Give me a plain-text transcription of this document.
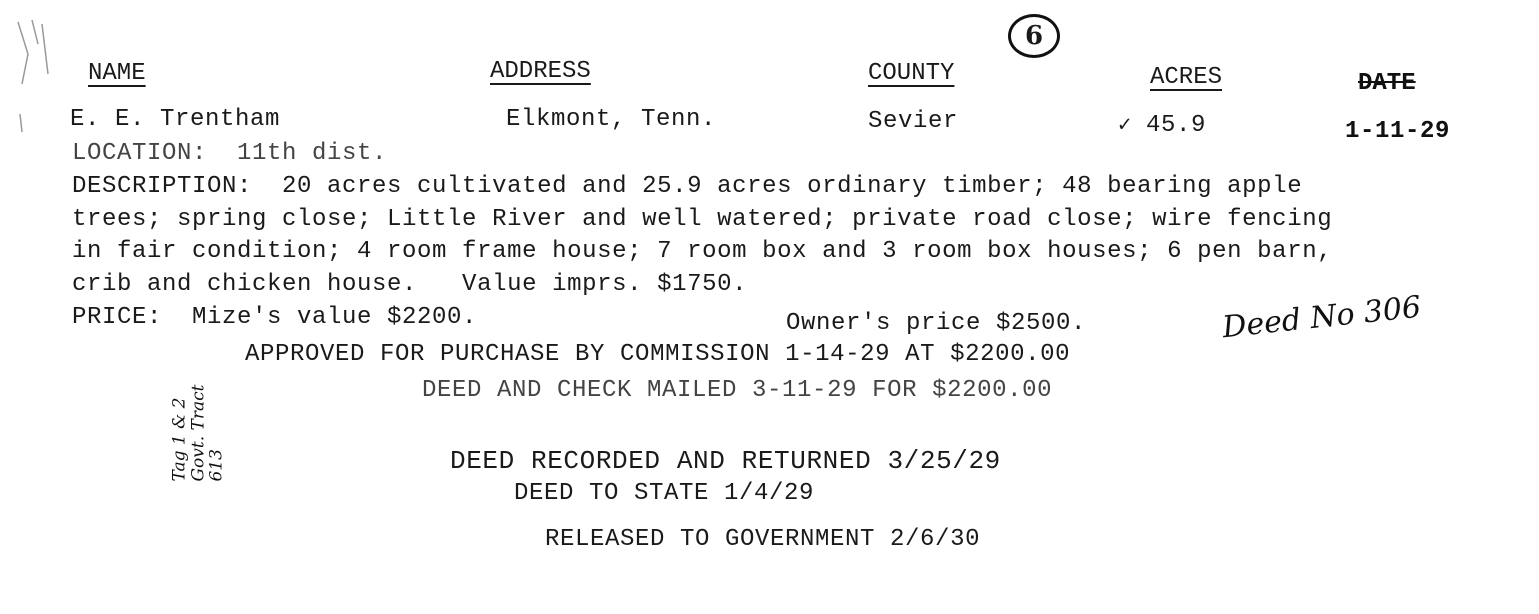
NAME	ADDRESS	COUNTY	ACRES	DATE
6
E. E. Trentham	Elkmont, Tenn.	Sevier	✓ 45.9	1-11-29
LOCATION:  11th dist.
DESCRIPTION:  20 acres cultivated and 25.9 acres ordinary timber; 48 bearing apple
trees; spring close; Little River and well watered; private road close; wire fencing
in fair condition; 4 room frame house; 7 room box and 3 room box houses; 6 pen barn,
crib and chicken house.   Value imprs. $1750.
PRICE:  Mize's value $2200.	Owner's price $2500.	Deed No 306
APPROVED FOR PURCHASE BY COMMISSION 1-14-29 AT $2200.00
DEED AND CHECK MAILED 3-11-29 FOR $2200.00

Tag 1 & 2
Govt. Tract
613	DEED RECORDED AND RETURNED 3/25/29
DEED TO STATE 1/4/29
RELEASED TO GOVERNMENT 2/6/30
